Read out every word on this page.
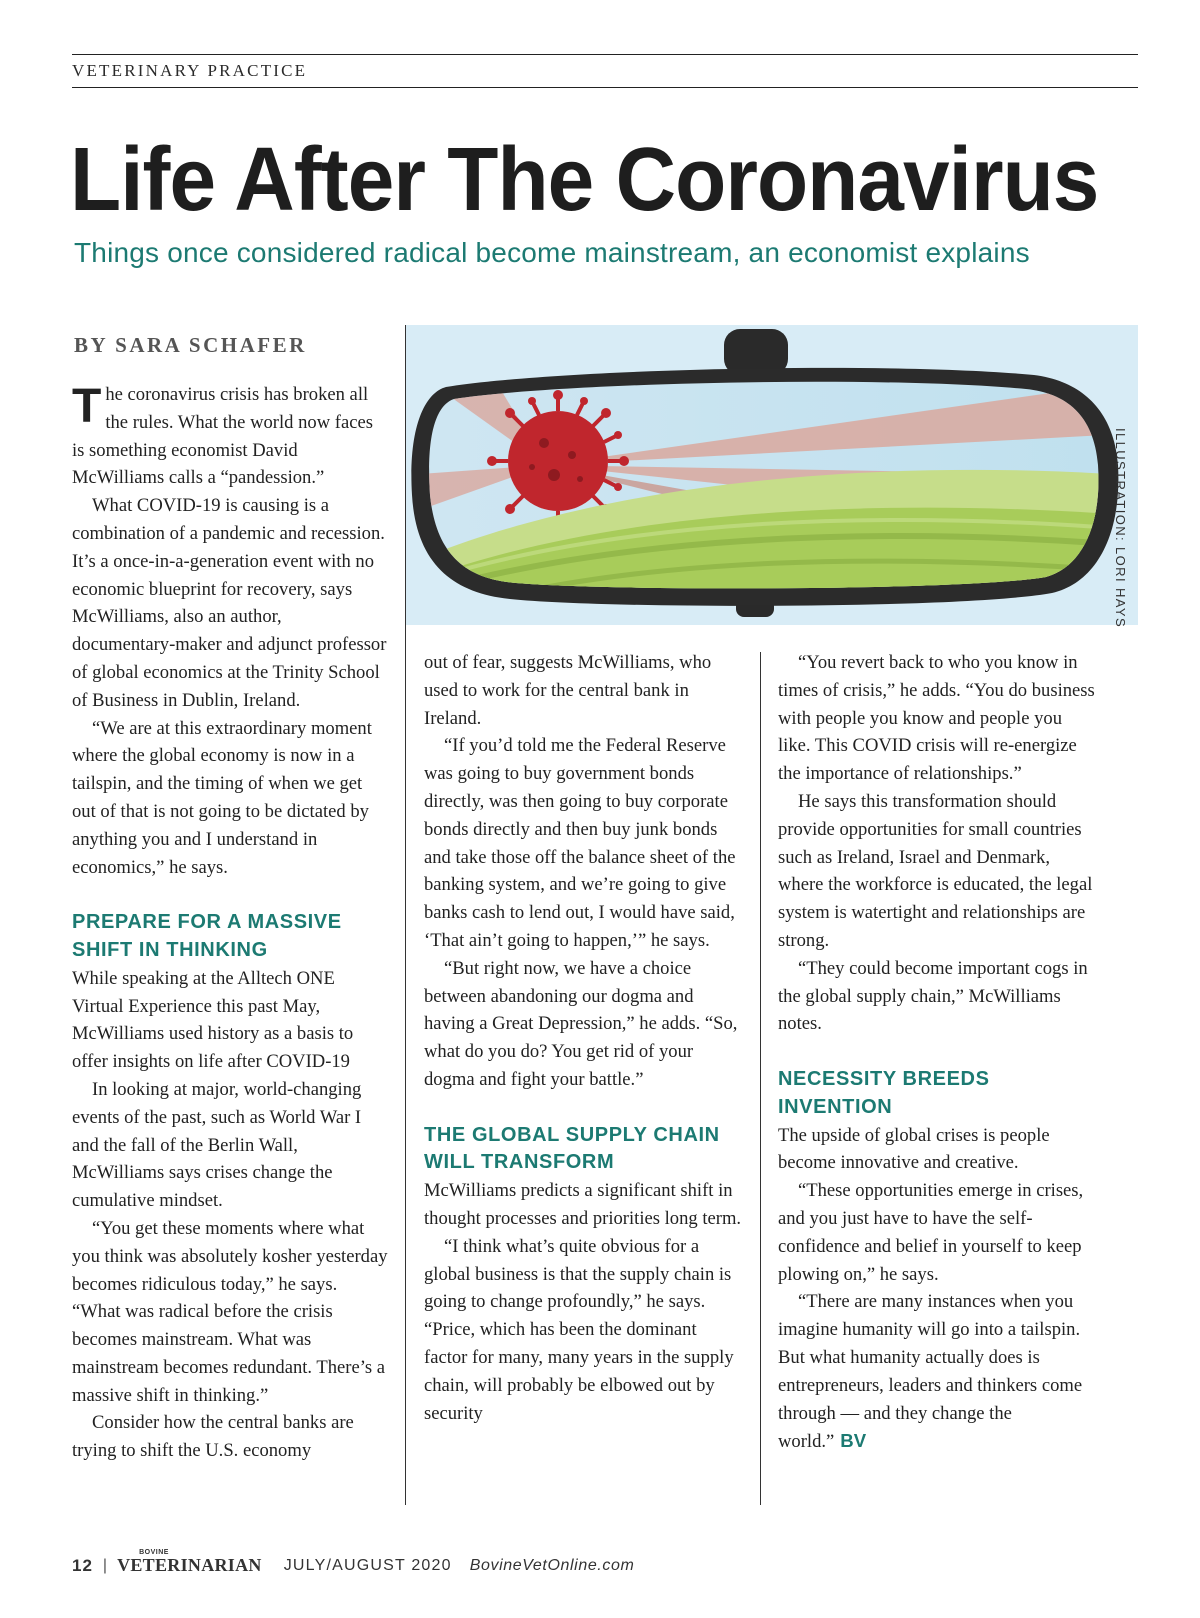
VETERINARY PRACTICE
Life After The Coronavirus
Things once considered radical become mainstream, an economist explains
BY SARA SCHAFER
ILLUSTRATION: LORI HAYS

The coronavirus crisis has broken all the rules. What the world now faces is something economist David McWilliams calls a “pandession.”

What COVID-19 is causing is a combination of a pandemic and recession. It’s a once-in-a-generation event with no economic blueprint for recovery, says McWilliams, also an author, documentary-maker and adjunct professor of global economics at the Trinity School of Business in Dublin, Ireland.

“We are at this extraordinary moment where the global economy is now in a tailspin, and the timing of when we get out of that is not going to be dictated by anything you and I understand in economics,” he says.

PREPARE FOR A MASSIVE SHIFT IN THINKING

While speaking at the Alltech ONE Virtual Experience this past May, McWilliams used history as a basis to offer insights on life after COVID-19

In looking at major, world-changing events of the past, such as World War I and the fall of the Berlin Wall, McWilliams says crises change the cumulative mindset.

“You get these moments where what you think was absolutely kosher yesterday becomes ridiculous today,” he says. “What was radical before the crisis becomes mainstream. What was mainstream becomes redundant. There’s a massive shift in thinking.”

Consider how the central banks are trying to shift the U.S. economy

out of fear, suggests McWilliams, who used to work for the central bank in Ireland.

“If you’d told me the Federal Reserve was going to buy government bonds directly, was then going to buy corporate bonds directly and then buy junk bonds and take those off the balance sheet of the banking system, and we’re going to give banks cash to lend out, I would have said, ‘That ain’t going to happen,’” he says.

“But right now, we have a choice between abandoning our dogma and having a Great Depression,” he adds. “So, what do you do? You get rid of your dogma and fight your battle.”

THE GLOBAL SUPPLY CHAIN WILL TRANSFORM

McWilliams predicts a significant shift in thought processes and priorities long term.

“I think what’s quite obvious for a global business is that the supply chain is going to change profoundly,” he says. “Price, which has been the dominant factor for many, many years in the supply chain, will probably be elbowed out by security

“You revert back to who you know in times of crisis,” he adds. “You do business with people you know and people you like. This COVID crisis will re-energize the importance of relationships.”

He says this transformation should provide opportunities for small countries such as Ireland, Israel and Denmark, where the workforce is educated, the legal system is watertight and relationships are strong.

“They could become important cogs in the global supply chain,” McWilliams notes.

NECESSITY BREEDS INVENTION

The upside of global crises is people become innovative and creative.

“These opportunities emerge in crises, and you just have to have the self-confidence and belief in yourself to keep plowing on,” he says.

“There are many instances when you imagine humanity will go into a tailspin. But what humanity actually does is entrepreneurs, leaders and thinkers come through — and they change the world.” BV

12 |
BOVINE
VETERINARIAN JULY/AUGUST 2020 BovineVetOnline.com
